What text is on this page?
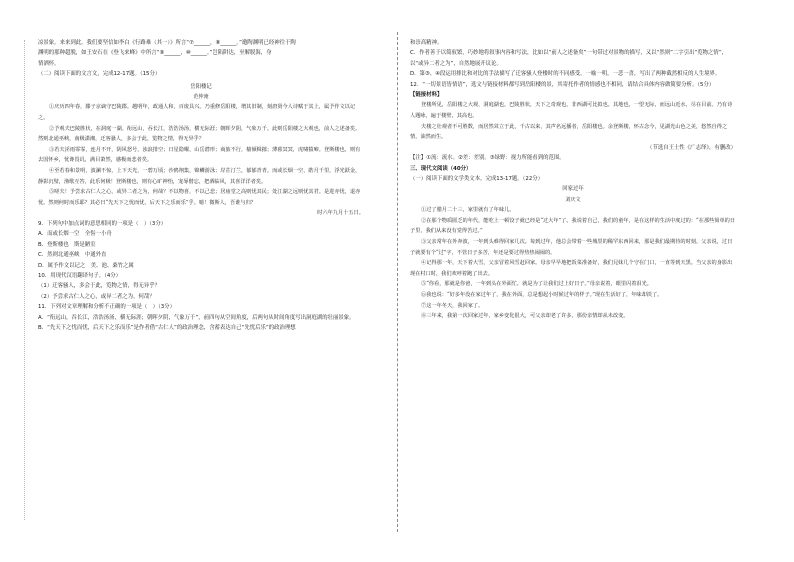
凉景象。来来到此，我们要坚信如李白《行路难（其一）》所言“⑦______，⑧______。”邀陶渊明已经神往于陶

渊明的那种超脱，如王安石在《登飞来峰》中所言“⑨______，⑩______。”岂陷阱达，至解脱海，身

情洒怀。

（二）阅读下面的文言文，完成12-17题。（15分）

岳阳楼记

范仲淹

①庆历四年春，滕子京谪守巴陵郡。越明年，政通人和，百废具兴。乃重修岳阳楼，增其旧制，刻唐贤今人诗赋于其上，属予作文以记之。

②予观夫巴陵胜状，在洞庭一湖。衔远山，吞长江，浩浩汤汤，横无际涯；朝晖夕阴，气象万千。此则岳阳楼之大观也，前人之述备矣。然则北通巫峡，南极潇湘，迁客骚人，多会于此，览物之情，得无异乎？

③若夫淫雨霏霏，连月不开，阴风怒号，浊浪排空；日星隐曜，山岳潜形；商旅不行，樯倾楫摧；薄暮冥冥，虎啸猿啼。登斯楼也，则有去国怀乡，忧谗畏讥，满目萧然，感极而悲者矣。

④至若春和景明，波澜不惊，上下天光，一碧万顷；沙鸥翔集，锦鳞游泳；岸芷汀兰，郁郁青青。而或长烟一空，皓月千里，浮光跃金，静影沉璧，渔歌互答，此乐何极！登斯楼也，则有心旷神怡，宠辱偕忘，把酒临风，其喜洋洋者矣。

⑤嗟夫！予尝求古仁人之心，或异二者之为，何哉？不以物喜，不以己悲；居庙堂之高则忧其民；处江湖之远则忧其君。是进亦忧，退亦忧。然则何时而乐耶？其必曰“先天下之忧而忧，后天下之乐而乐”乎。噫！微斯人，吾谁与归？

时六年九月十五日。

9．下列句中加点词的意思相同的一项是（　）（3分）

A．而或长烟一空　全髻一小舟

B．登斯楼也　斯是陋室

C．然则北通巫峡　中通外直

D．属予作文以记之　美、池、桑竹之属

10．用现代汉语翻译句子。（4分）

（1）迁客骚人，多会于此，览物之情，得无异乎？

（2）予尝求古仁人之心，或异二者之为，何哉？

11．下列对文章理解和分析不正确的一项是（　）（3分）

A．“衔远山，吞长江，浩浩汤汤，横无际涯；朝晖夕阴，气象万千”，前四句从空间角度，后两句从时间角度写出洞庭湖的壮丽景象。

B．“先天下之忧而忧，后天下之乐而乐”是作者借“古仁人”的政治理念，含蓄表达自己“先忧后乐”的政治理想

和崇高精神。

C．作者善于以简驭繁，巧妙地将叙事内容和写法，比如以“前人之述备矣”一句带过对景物的描写，又以“然则”二字引出“览物之情”，以“或异二者之为”，自然地展开议论。

D．第③、④段运用排比和对比的手法描写了迁客骚人登楼时的不同感受，一喻一明，一悲一喜，写出了两种截然相反的人生境界。

12．“一切景语皆情语”，选文与链接材料都写到岳阳楼的景，其寄托作者的情感也不相同，请结合具体内容做简要分析。（5分）

【链接材料】

登楼所见，岳阳楼之大观，洞庭湖也。巴陵胜状，天下之奇观也，非西湖可比拟也。其地也，一望无际，而远山近水，尽在目前。乃有诗人题咏，遍于楼壁，其高也。

夫楼之壮观者不可胜数，而居然耸立于此，千古以来，其声名远播者，岳阳楼也。余登斯楼，怀古念今，见湖光山色之美，悠然自得之情，油然而生。

（节选自王士性《广志绎》，有删改）

【注】①流：流水。②差：差别。③绿野：视力所能看到的范围。

三、现代文阅读（40分）

（一）阅读下面的文学类文本，完成13-17题。（22分）

回家过年

刘庆文

①过了腊月二十三，家里就有了年味儿。

②在那个物质匮乏的年代，能吃上一顿饺子就已经是“过大年”了。我说着自己，我们的童年，是在这样的生活中度过的：“在那些简单的日子里，我们从来没有觉得苦过。”

③父亲常年在外奔波，一年到头难得回家几次。每到过年，他总会带着一些城里的稀罕东西回来，那是我们最期待的时刻。父亲说，过日子就要有个“过”字，不管日子多苦，年还是要过得热热闹闹的。

④记得那一年，天下着大雪，父亲冒着风雪赶回家。母亲早早地把饭菜准备好，我们兄妹几个守在门口，一直等到天黑。当父亲的身影出现在村口时，我们欢呼着跑了出去。

⑤“你看，那就是你爸，一年到头在外面忙，就是为了让我们过上好日子。”母亲说着，眼里闪着泪光。

⑥我也说：“好多年没在家过年了，我在外面，总是想起小时候过年的样子。”现在生活好了，年味却淡了。

⑦这一年冬天，我回家了。

⑧三年来，我第一次回家过年，家乡变化很大，可父亲却老了许多，那份亲情却从未改变。
